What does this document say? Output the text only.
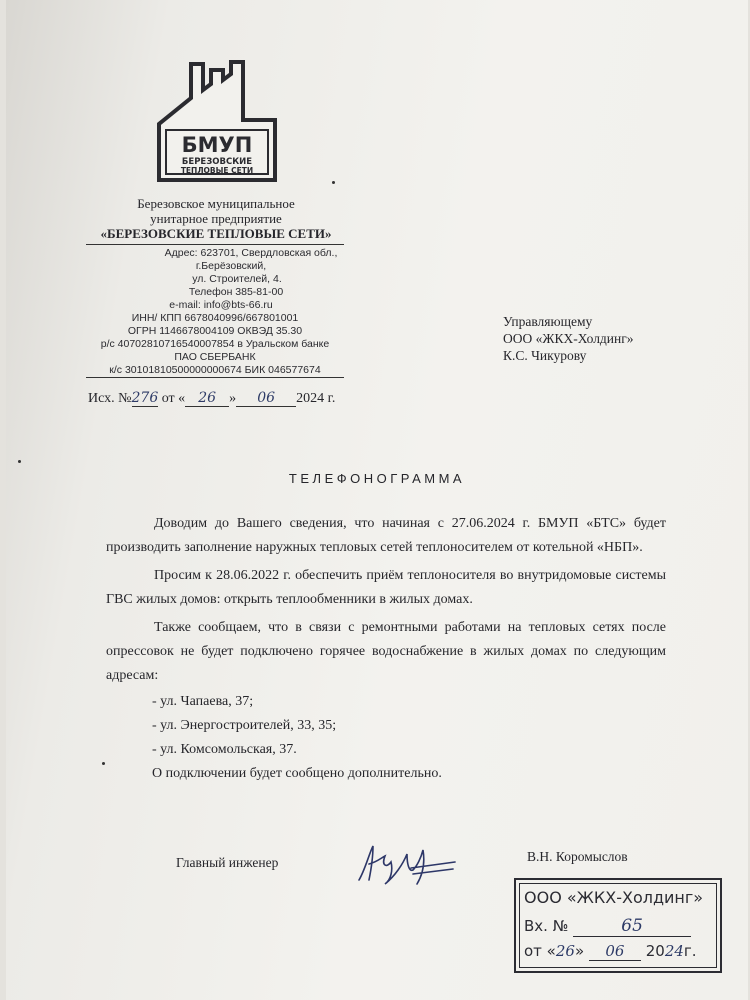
БМУП
БЕРЕЗОВСКИЕ
ТЕПЛОВЫЕ СЕТИ
Березовское муниципальное
унитарное предприятие
«БЕРЕЗОВСКИЕ ТЕПЛОВЫЕ СЕТИ»
Адрес: 623701, Свердловская обл.,
г.Берёзовский,
ул. Строителей, 4.
Телефон 385-81-00
e-mail: info@bts-66.ru
ИНН/ КПП 6678040996/667801001
ОГРН 1146678004109 ОКВЭД 35.30
р/с 40702810716540007854 в Уральском банке
ПАО СБЕРБАНК
к/с 30101810500000000674 БИК 046577674
Управляющему
ООО «ЖКХ-Холдинг»
К.С. Чикурову
Исх. №276 от « 26 » 06 2024 г.
ТЕЛЕФОНОГРАММА

Доводим до Вашего сведения, что начиная с 27.06.2024 г. БМУП «БТС» будет производить заполнение наружных тепловых сетей теплоносителем от котельной «НБП».

Просим к 28.06.2022 г. обеспечить приём теплоносителя во внутридомовые системы ГВС жилых домов: открыть теплообменники в жилых домах.

Также сообщаем, что в связи с ремонтными работами на тепловых сетях после опрессовок не будет подключено горячее водоснабжение в жилых домах по следующим адресам:

- ул. Чапаева, 37;

- ул. Энергостроителей, 33, 35;

- ул. Комсомольская, 37.

О подключении будет сообщено дополнительно.

Главный инженер	В.Н. Коромыслов
ООО «ЖКХ-Холдинг»
Вх. №	65
от «26» 06 2024г.
